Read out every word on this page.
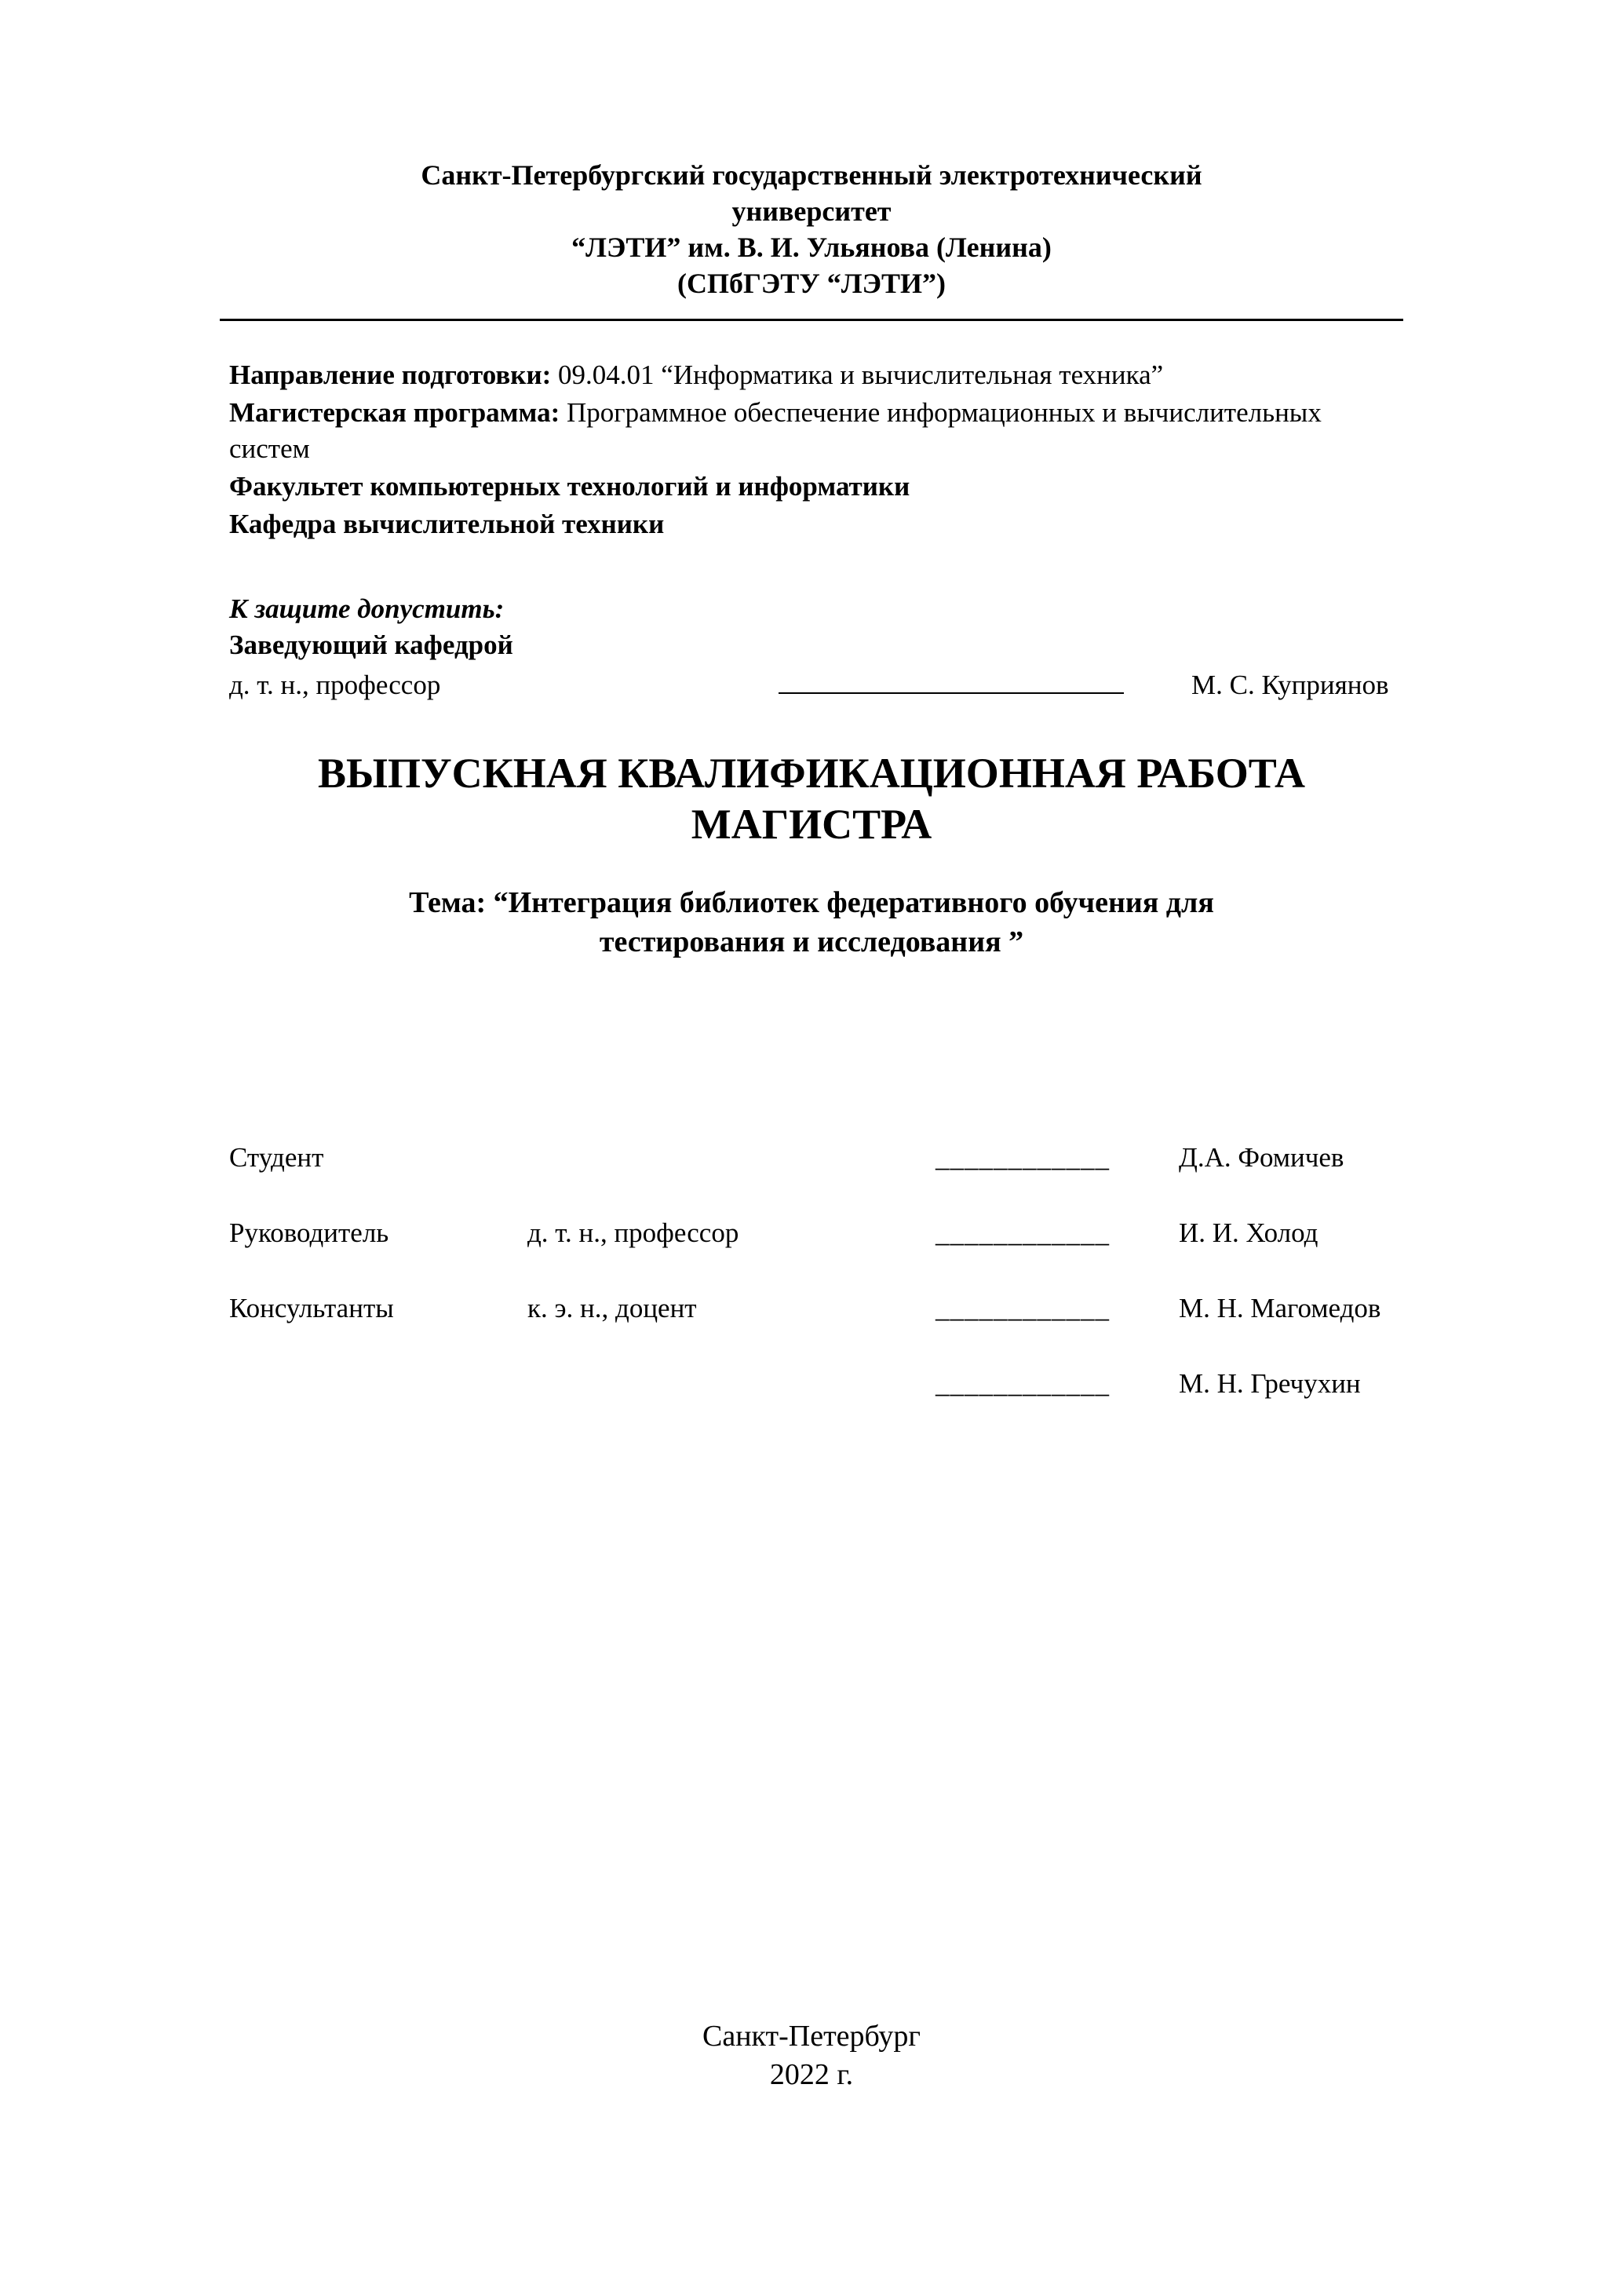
Санкт-Петербургский государственный электротехнический
университет
“ЛЭТИ” им. В. И. Ульянова (Ленина)
(СПбГЭТУ “ЛЭТИ”)

Направление подготовки: 09.04.01 “Информатика и вычислительная техника”

Магистерская программа: Программное обеспечение информационных и вычислительных систем

Факультет компьютерных технологий и информатики

Кафедра вычислительной техники

К защите допустить:
Заведующий кафедрой
д. т. н., профессор	М. С. Куприянов
ВЫПУСКНАЯ КВАЛИФИКАЦИОННАЯ РАБОТА
МАГИСТРА
Тема: “Интеграция библиотек федеративного обучения для
тестирования и исследования ”
Студент		____________	Д.А. Фомичев
Руководитель	д. т. н., профессор	____________	И. И. Холод
Консультанты	к. э. н., доцент	____________	М. Н. Магомедов
		____________	М. Н. Гречухин
Санкт-Петербург
2022 г.
